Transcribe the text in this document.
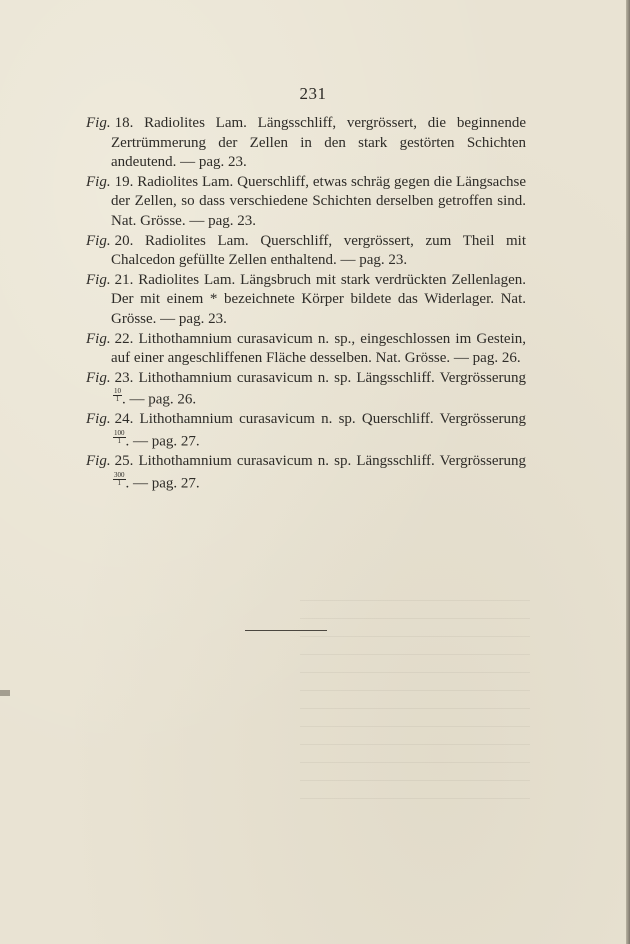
231

Fig. 18. Radiolites Lam. Längsschliff, vergrössert, die beginnende Zertrümmerung der Zellen in den stark gestörten Schichten andeutend. — pag. 23.

Fig. 19. Radiolites Lam. Querschliff, etwas schräg gegen die Längsachse der Zellen, so dass verschiedene Schichten derselben getroffen sind. Nat. Grösse. — pag. 23.

Fig. 20. Radiolites Lam. Querschliff, vergrössert, zum Theil mit Chalcedon gefüllte Zellen enthaltend. — pag. 23.

Fig. 21. Radiolites Lam. Längsbruch mit stark verdrückten Zellenlagen. Der mit einem * bezeichnete Körper bildete das Widerlager. Nat. Grösse. — pag. 23.

Fig. 22. Lithothamnium curasavicum n. sp., eingeschlossen im Gestein, auf einer angeschliffenen Fläche desselben. Nat. Grösse. — pag. 26.

Fig. 23. Lithothamnium curasavicum n. sp. Längsschliff. Vergrösserung
$\frac{10}{1}$ . — pag. 26.

Fig. 24. Lithothamnium curasavicum n. sp. Querschliff. Vergrösserung
$\frac{100}{1}$ . — pag. 27.

Fig. 25. Lithothamnium curasavicum n. sp. Längsschliff. Vergrösserung
$\frac{300}{1}$ . — pag. 27.
